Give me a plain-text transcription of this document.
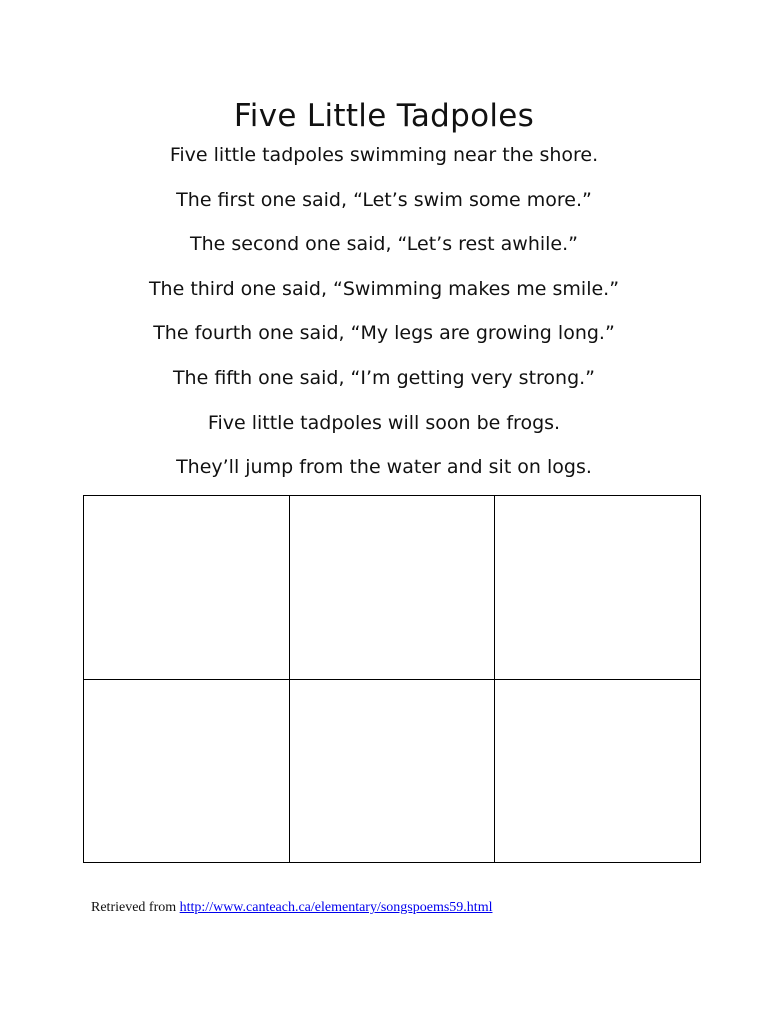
Five Little Tadpoles
Five little tadpoles swimming near the shore.
The first one said, “Let’s swim some more.”
The second one said, “Let’s rest awhile.”
The third one said, “Swimming makes me smile.”
The fourth one said, “My legs are growing long.”
The fifth one said, “I’m getting very strong.”
Five little tadpoles will soon be frogs.
They’ll jump from the water and sit on logs.

Retrieved from http://www.canteach.ca/elementary/songspoems59.html
